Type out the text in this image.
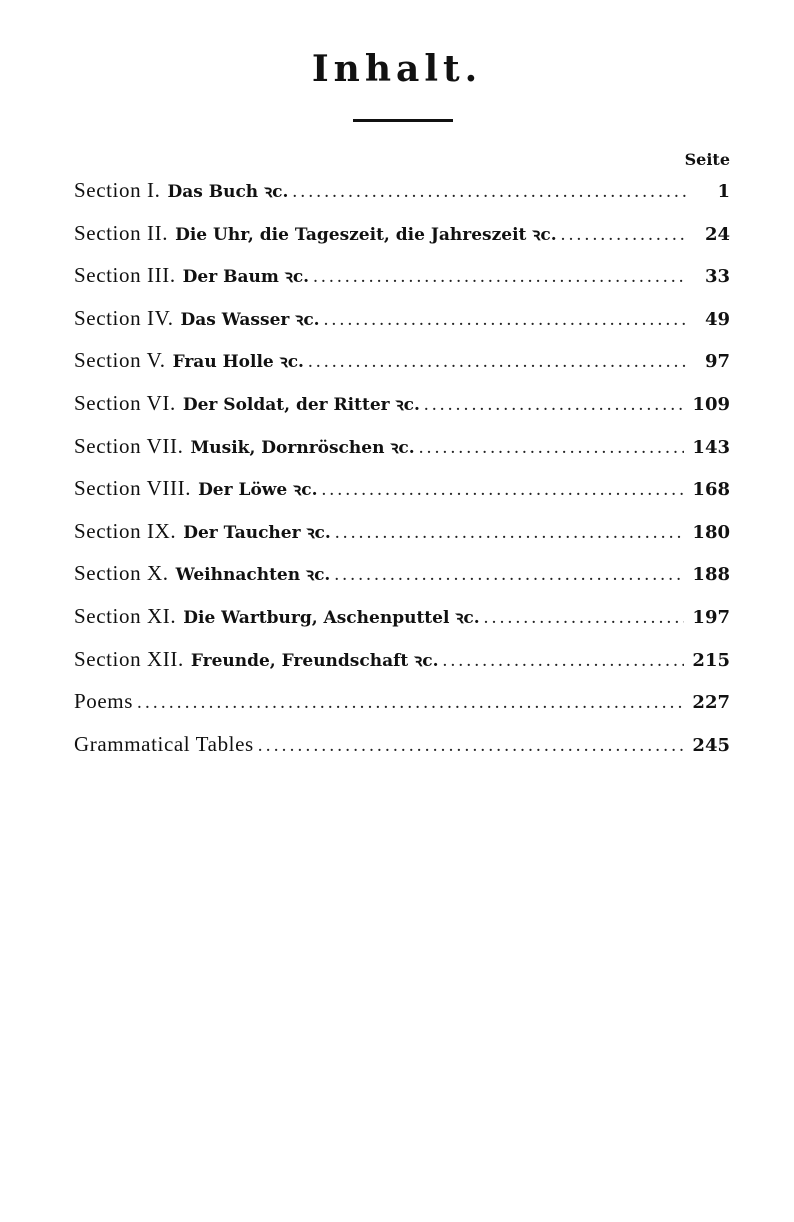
Inhalt.
Seite
Section I. Das Buch ꝛc. .....	1
Section II. Die Uhr, die Tageszeit, die Jahreszeit ꝛc. .....	24
Section III. Der Baum ꝛc. .....	33
Section IV. Das Wasser ꝛc. .....	49
Section V. Frau Holle ꝛc. .....	97
Section VI. Der Soldat, der Ritter ꝛc. .....	109
Section VII. Musik, Dornröschen ꝛc. .....	143
Section VIII. Der Löwe ꝛc. .....	168
Section IX. Der Taucher ꝛc. .....	180
Section X. Weihnachten ꝛc. .....	188
Section XI. Die Wartburg, Aschenputtel ꝛc. .....	197
Section XII. Freunde, Freundschaft ꝛc. .....	215
Poems .....	227
Grammatical Tables .....	245
